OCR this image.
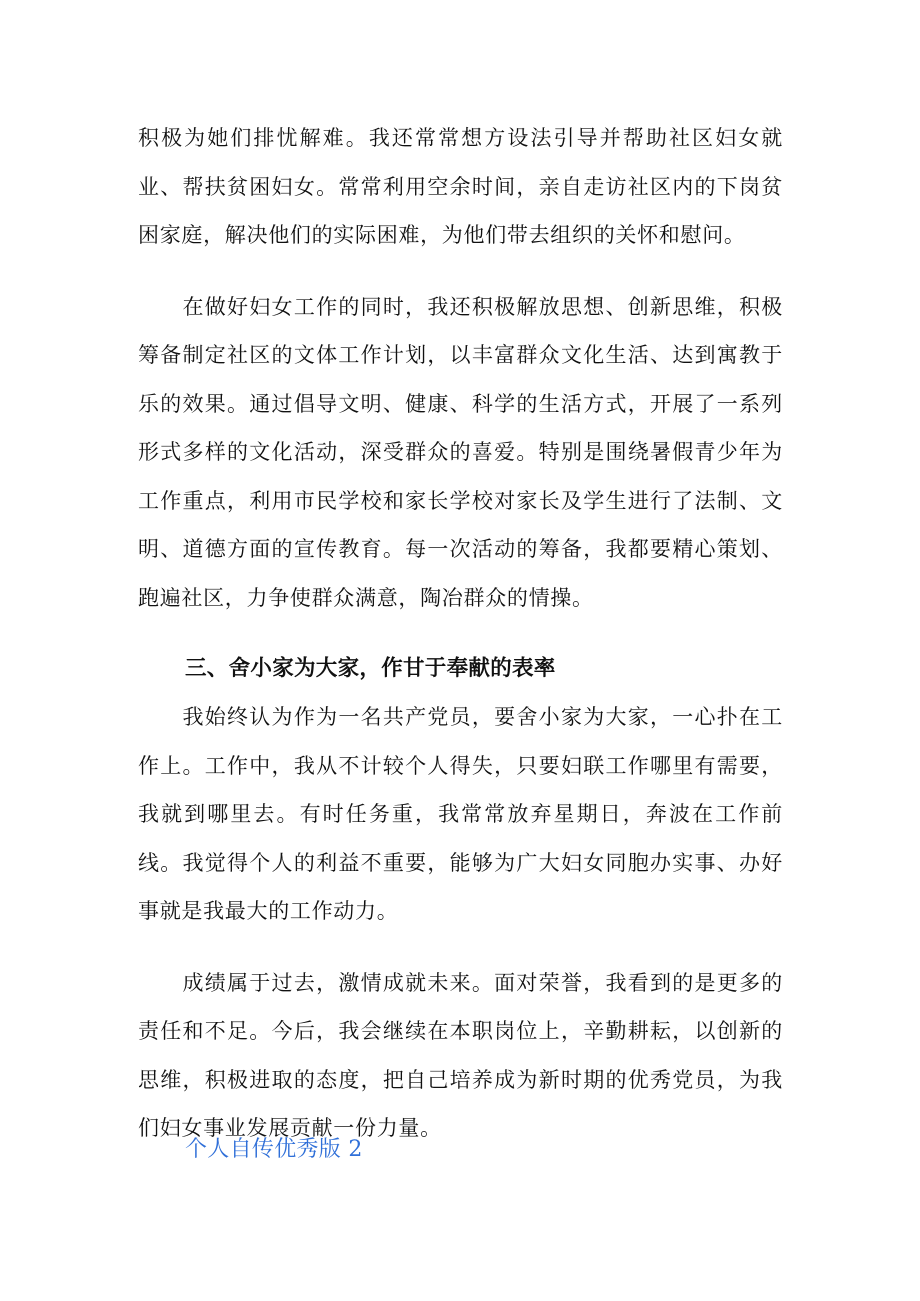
积极为她们排忧解难。我还常常想方设法引导并帮助社区妇女就业、帮扶贫困妇女。常常利用空余时间，亲自走访社区内的下岗贫困家庭，解决他们的实际困难，为他们带去组织的关怀和慰问。

　　在做好妇女工作的同时，我还积极解放思想、创新思维，积极筹备制定社区的文体工作计划，以丰富群众文化生活、达到寓教于乐的效果。通过倡导文明、健康、科学的生活方式，开展了一系列形式多样的文化活动，深受群众的喜爱。特别是围绕暑假青少年为工作重点，利用市民学校和家长学校对家长及学生进行了法制、文明、道德方面的宣传教育。每一次活动的筹备，我都要精心策划、跑遍社区，力争使群众满意，陶冶群众的情操。

三、舍小家为大家，作甘于奉献的表率

　　我始终认为作为一名共产党员，要舍小家为大家，一心扑在工作上。工作中，我从不计较个人得失，只要妇联工作哪里有需要，我就到哪里去。有时任务重，我常常放弃星期日，奔波在工作前线。我觉得个人的利益不重要，能够为广大妇女同胞办实事、办好事就是我最大的工作动力。

　　成绩属于过去，激情成就未来。面对荣誉，我看到的是更多的责任和不足。今后，我会继续在本职岗位上，辛勤耕耘，以创新的思维，积极进取的态度，把自己培养成为新时期的优秀党员，为我们妇女事业发展贡献一份力量。

个人自传优秀版 2
